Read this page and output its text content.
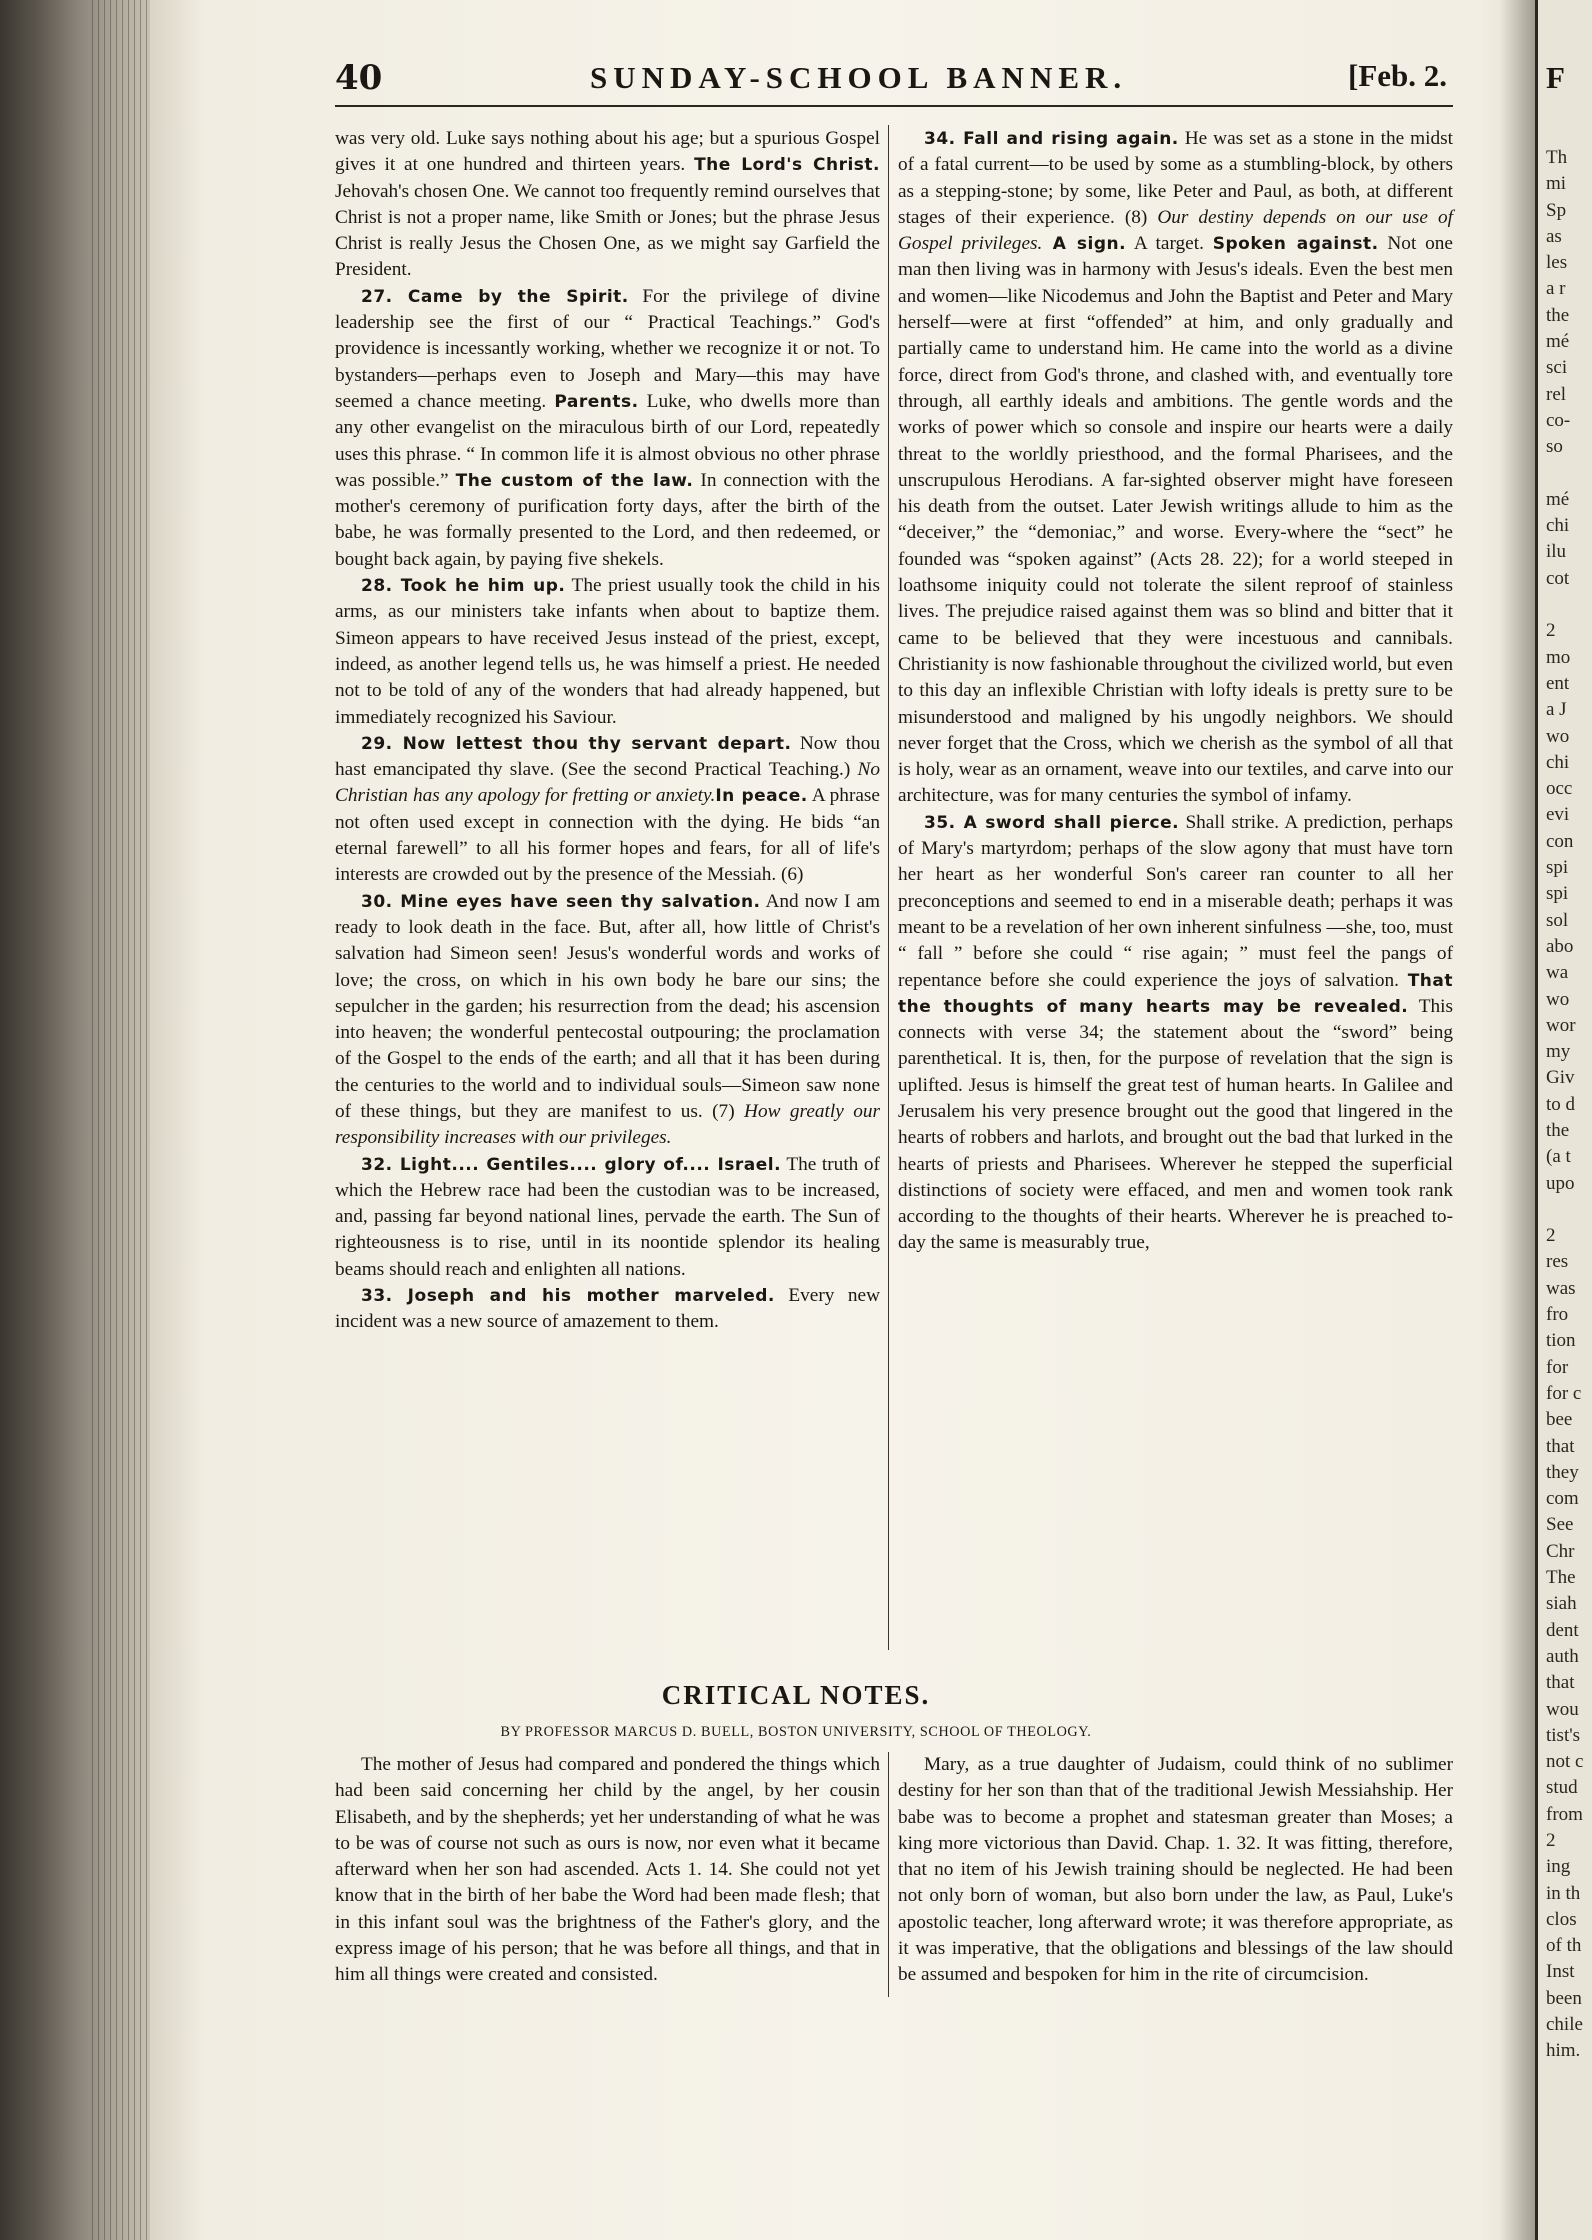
F
Th
mi
Sp
as
les
a r
the
mé
sci
rel
co-
so
mé
chi
ilu
cot
2
mo
ent
a J
wo
chi
occ
evi
con
spi
spi
sol
abo
wa
wo
wor
my
Giv
to d
the
(a t
upo
2
res
was
fro
tion
for
for c
bee
that
they
com
See
Chr
The
siah
dent
auth
that
wou
tist's
not c
stud
from
2
ing
in th
clos
of th
Inst
been
chile
him.
40	SUNDAY-SCHOOL BANNER.	[Feb. 2.

was very old. Luke says nothing about his age; but a spurious Gospel gives it at one hundred and thirteen years. The Lord's Christ. Jehovah's chosen One. We cannot too frequently remind ourselves that Christ is not a proper name, like Smith or Jones; but the phrase Jesus Christ is really Jesus the Chosen One, as we might say Garfield the President.

27. Came by the Spirit. For the privilege of divine leadership see the first of our “ Practical Teachings.” God's providence is incessantly working, whether we recognize it or not. To bystanders—perhaps even to Joseph and Mary—this may have seemed a chance meeting. Parents. Luke, who dwells more than any other evangelist on the miraculous birth of our Lord, repeatedly uses this phrase. “ In common life it is almost obvious no other phrase was possible.” The custom of the law. In connection with the mother's ceremony of purification forty days, after the birth of the babe, he was formally presented to the Lord, and then redeemed, or bought back again, by paying five shekels.

28. Took he him up. The priest usually took the child in his arms, as our ministers take infants when about to baptize them. Simeon appears to have received Jesus instead of the priest, except, indeed, as another legend tells us, he was himself a priest. He needed not to be told of any of the wonders that had already happened, but immediately recognized his Saviour.

29. Now lettest thou thy servant depart. Now thou hast emancipated thy slave. (See the second Practical Teaching.) No Christian has any apology for fretting or anxiety.In peace. A phrase not often used except in connection with the dying. He bids “an eternal farewell” to all his former hopes and fears, for all of life's interests are crowded out by the presence of the Messiah. (6)

30. Mine eyes have seen thy salvation. And now I am ready to look death in the face. But, after all, how little of Christ's salvation had Simeon seen! Jesus's wonderful words and works of love; the cross, on which in his own body he bare our sins; the sepulcher in the garden; his resurrection from the dead; his ascension into heaven; the wonderful pentecostal outpouring; the proclamation of the Gospel to the ends of the earth; and all that it has been during the centuries to the world and to individual souls—Simeon saw none of these things, but they are manifest to us. (7) How greatly our responsibility increases with our privileges.

32. Light.... Gentiles.... glory of.... Israel. The truth of which the Hebrew race had been the custodian was to be increased, and, passing far beyond national lines, pervade the earth. The Sun of righteousness is to rise, until in its noontide splendor its healing beams should reach and enlighten all nations.

33. Joseph and his mother marveled. Every new incident was a new source of amazement to them.

34. Fall and rising again. He was set as a stone in the midst of a fatal current—to be used by some as a stumbling-block, by others as a stepping-stone; by some, like Peter and Paul, as both, at different stages of their experience. (8) Our destiny depends on our use of Gospel privileges. A sign. A target. Spoken against. Not one man then living was in harmony with Jesus's ideals. Even the best men and women—like Nicodemus and John the Baptist and Peter and Mary herself—were at first “offended” at him, and only gradually and partially came to understand him. He came into the world as a divine force, direct from God's throne, and clashed with, and eventually tore through, all earthly ideals and ambitions. The gentle words and the works of power which so console and inspire our hearts were a daily threat to the worldly priesthood, and the formal Pharisees, and the unscrupulous Herodians. A far-sighted observer might have foreseen his death from the outset. Later Jewish writings allude to him as the “deceiver,” the “demoniac,” and worse. Every-where the “sect” he founded was “spoken against” (Acts 28. 22); for a world steeped in loathsome iniquity could not tolerate the silent reproof of stainless lives. The prejudice raised against them was so blind and bitter that it came to be believed that they were incestuous and cannibals. Christianity is now fashionable throughout the civilized world, but even to this day an inflexible Christian with lofty ideals is pretty sure to be misunderstood and maligned by his ungodly neighbors. We should never forget that the Cross, which we cherish as the symbol of all that is holy, wear as an ornament, weave into our textiles, and carve into our architecture, was for many centuries the symbol of infamy.

35. A sword shall pierce. Shall strike. A prediction, perhaps of Mary's martyrdom; perhaps of the slow agony that must have torn her heart as her wonderful Son's career ran counter to all her preconceptions and seemed to end in a miserable death; perhaps it was meant to be a revelation of her own inherent sinfulness —she, too, must “ fall ” before she could “ rise again; ” must feel the pangs of repentance before she could experience the joys of salvation. That the thoughts of many hearts may be revealed. This connects with verse 34; the statement about the “sword” being parenthetical. It is, then, for the purpose of revelation that the sign is uplifted. Jesus is himself the great test of human hearts. In Galilee and Jerusalem his very presence brought out the good that lingered in the hearts of robbers and harlots, and brought out the bad that lurked in the hearts of priests and Pharisees. Wherever he stepped the superficial distinctions of society were effaced, and men and women took rank according to the thoughts of their hearts. Wherever he is preached to-day the same is measurably true,

CRITICAL NOTES.
BY PROFESSOR MARCUS D. BUELL, BOSTON UNIVERSITY, SCHOOL OF THEOLOGY.

The mother of Jesus had compared and pondered the things which had been said concerning her child by the angel, by her cousin Elisabeth, and by the shepherds; yet her understanding of what he was to be was of course not such as ours is now, nor even what it became afterward when her son had ascended. Acts 1. 14. She could not yet know that in the birth of her babe the Word had been made flesh; that in this infant soul was the brightness of the Father's glory, and the express image of his person; that he was before all things, and that in him all things were created and consisted.

Mary, as a true daughter of Judaism, could think of no sublimer destiny for her son than that of the traditional Jewish Messiahship. Her babe was to become a prophet and statesman greater than Moses; a king more victorious than David. Chap. 1. 32. It was fitting, therefore, that no item of his Jewish training should be neglected. He had been not only born of woman, but also born under the law, as Paul, Luke's apostolic teacher, long afterward wrote; it was therefore appropriate, as it was imperative, that the obligations and blessings of the law should be assumed and bespoken for him in the rite of circumcision.
